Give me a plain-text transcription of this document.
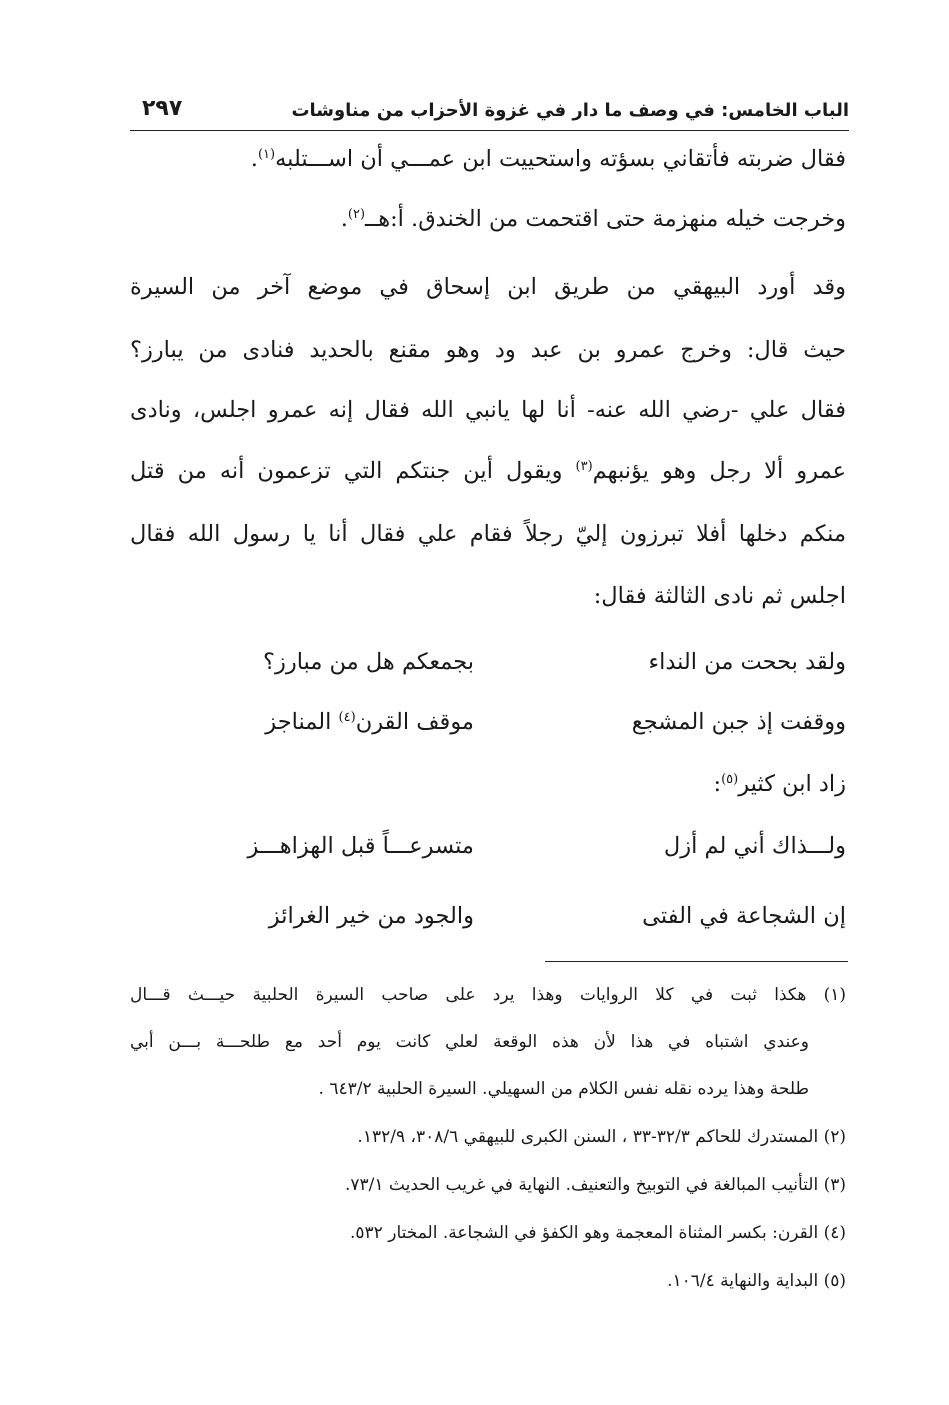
الباب الخامس: في وصف ما دار في غزوة الأحزاب من مناوشات
٢٩٧
فقال ضربته فأتقاني بسؤته واستحييت ابن عمـــي أن اســـتلبه$^{(١)}$.
وخرجت خيله منهزمة حتى اقتحمت من الخندق. أ:هــ$^{(٢)}$.
وقد أورد البيهقي من طريق ابن إسحاق في موضع آخر من السيرة
حيث قال: وخرج عمرو بن عبد ود وهو مقنع بالحديد فنادى من يبارز؟
فقال علي -رضي الله عنه- أنا لها يانبي الله فقال إنه عمرو اجلس، ونادى
عمرو ألا رجل وهو يؤنبهم$^{(٣)}$ ويقول أين جنتكم التي تزعمون أنه من قتل
منكم دخلها أفلا تبرزون إليّ رجلاً فقام علي فقال أنا يا رسول الله فقال
اجلس ثم نادى الثالثة فقال:
ولقد بححت من النداء
بجمعكم هل من مبارز؟
ووقفت إذ جبن المشجع
موقف القرن$^{(٤)}$ المناجز
زاد ابن كثير$^{(٥)}$:
ولـــذاك أني لم أزل
متسرعـــاً قبل الهزاهـــز
إن الشجاعة في الفتى
والجود من خير الغرائز
(١) هكذا ثبت في كلا الروايات وهذا يرد على صاحب السيرة الحلبية حيـــث قـــال
وعندي اشتباه في هذا لأن هذه الوقعة لعلي كانت يوم أحد مع طلحـــة بـــن أبي
طلحة وهذا يرده نقله نفس الكلام من السهيلي. السيرة الحلبية ٦٤٣/٢ .
(٢) المستدرك للحاكم ٣٢/٣-٣٣ ، السنن الكبرى للبيهقي ٣٠٨/٦، ١٣٢/٩.
(٣) التأنيب المبالغة في التوبيخ والتعنيف. النهاية في غريب الحديث ٧٣/١.
(٤) القرن: بكسر المثناة المعجمة وهو الكفؤ في الشجاعة. المختار ٥٣٢.
(٥) البداية والنهاية ١٠٦/٤.
